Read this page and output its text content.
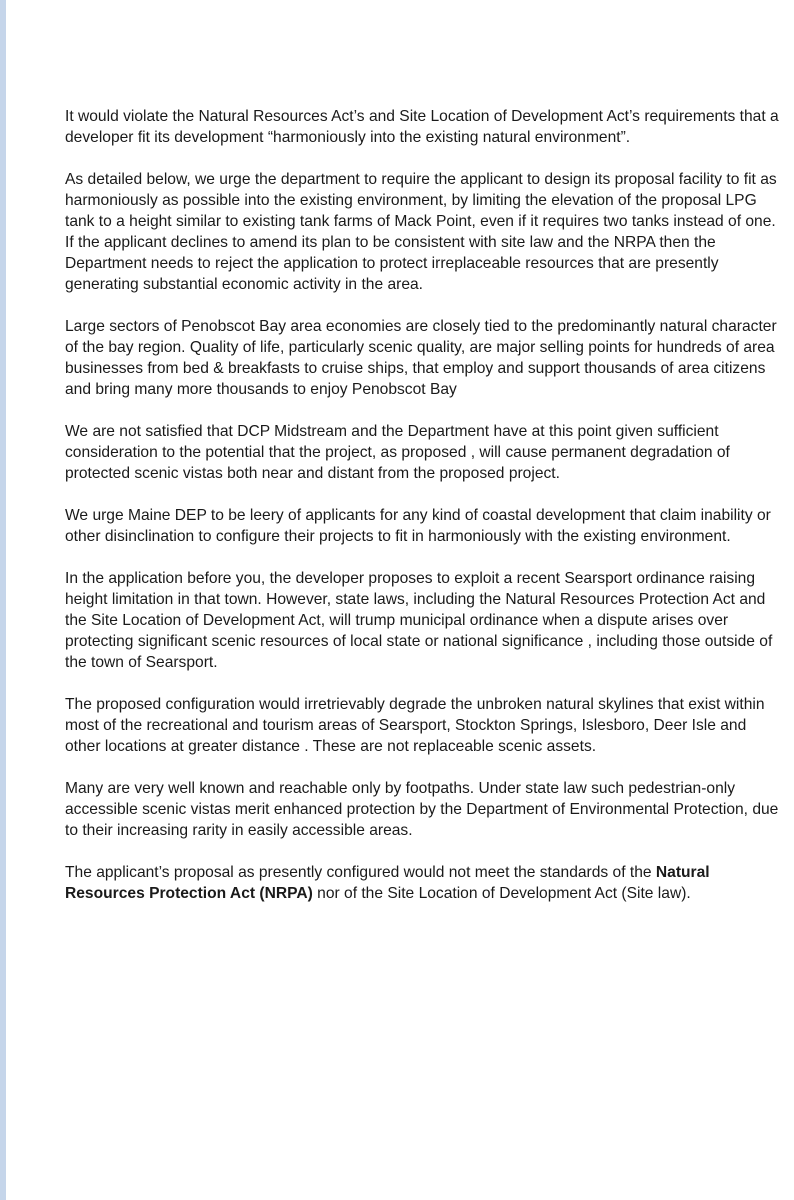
It would violate the Natural Resources Act’s and Site Location of Development Act’s requirements that a developer fit its development “harmoniously into the existing natural environment”.

As detailed below, we urge the department to require the applicant to design its proposal facility to fit as harmoniously as possible into the existing environment, by limiting the elevation of the proposal LPG tank to a height similar to existing tank farms of Mack Point, even if it requires two tanks instead of one. If the applicant declines to amend its plan to be consistent with site law and the NRPA then the Department needs to reject the application to protect irreplaceable resources that are presently generating substantial economic activity in the area.

Large sectors of Penobscot Bay area economies are closely tied to the predominantly natural character of the bay region. Quality of life, particularly scenic quality, are major selling points for hundreds of area businesses from bed & breakfasts to cruise ships, that employ and support thousands of area citizens and bring many more thousands to enjoy Penobscot Bay

We are not satisfied that DCP Midstream and the Department have at this point given sufficient consideration to the potential that the project, as proposed , will cause permanent degradation of protected scenic vistas both near and distant from the proposed project.

We urge Maine DEP to be leery of applicants for any kind of coastal development that claim inability or other disinclination to configure their projects to fit in harmoniously with the existing environment.

In the application before you, the developer proposes to exploit a recent Searsport ordinance raising height limitation in that town. However, state laws, including the Natural Resources Protection Act and the Site Location of Development Act, will trump municipal ordinance when a dispute arises over protecting significant scenic resources of local state or national significance , including those outside of the town of Searsport.

The proposed configuration would irretrievably degrade the unbroken natural skylines that exist within most of the recreational and tourism areas of Searsport, Stockton Springs, Islesboro, Deer Isle and other locations at greater distance . These are not replaceable scenic assets.

Many are very well known and reachable only by footpaths. Under state law such pedestrian-only accessible scenic vistas merit enhanced protection by the Department of Environmental Protection, due to their increasing rarity in easily accessible areas.

The applicant’s proposal as presently configured would not meet the standards of the Natural Resources Protection Act (NRPA) nor of the Site Location of Development Act (Site law).
